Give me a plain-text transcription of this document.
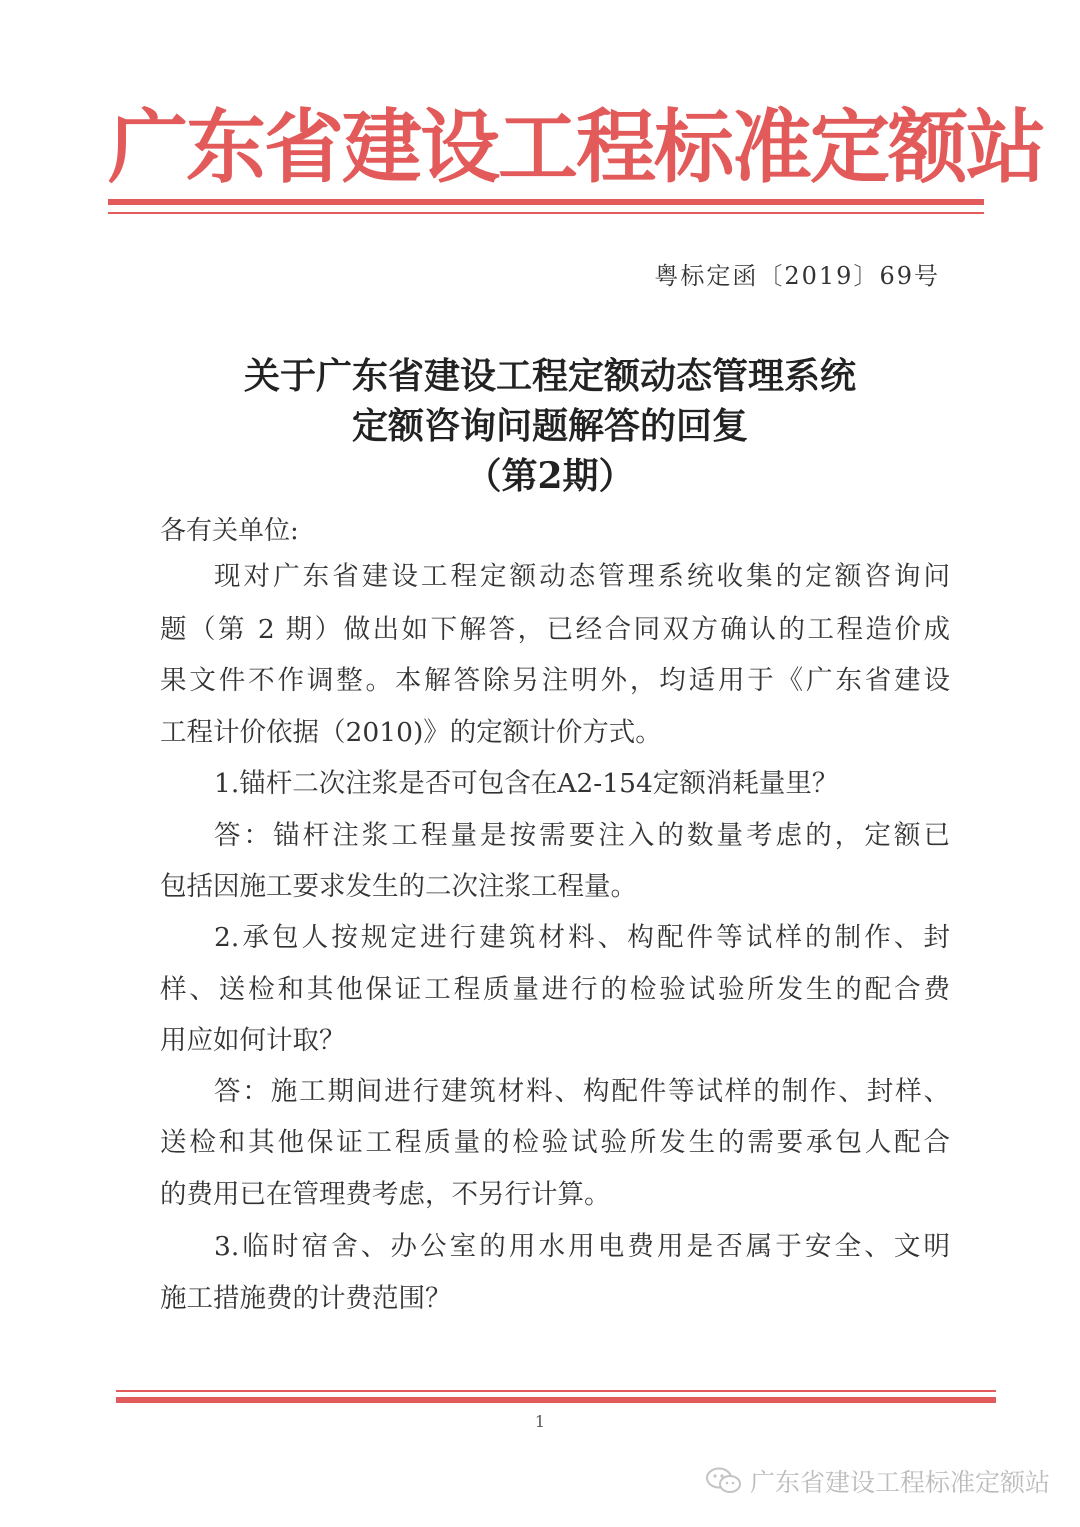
广东省建设工程标准定额站
粤标定函〔2019〕69号
关于广东省建设工程定额动态管理系统
定额咨询问题解答的回复
（第2期）
各有关单位:
现对广东省建设工程定额动态管理系统收集的定额咨询问
题（第 2 期）做出如下解答，已经合同双方确认的工程造价成
果文件不作调整。本解答除另注明外，均适用于《广东省建设
工程计价依据（2010)》的定额计价方式。
1.锚杆二次注浆是否可包含在A2-154定额消耗量里？
答：锚杆注浆工程量是按需要注入的数量考虑的，定额已
包括因施工要求发生的二次注浆工程量。
2.承包人按规定进行建筑材料、构配件等试样的制作、封
样、送检和其他保证工程质量进行的检验试验所发生的配合费
用应如何计取？
答：施工期间进行建筑材料、构配件等试样的制作、封样、
送检和其他保证工程质量的检验试验所发生的需要承包人配合
的费用已在管理费考虑，不另行计算。
3.临时宿舍、办公室的用水用电费用是否属于安全、文明
施工措施费的计费范围？
1
广东省建设工程标准定额站
